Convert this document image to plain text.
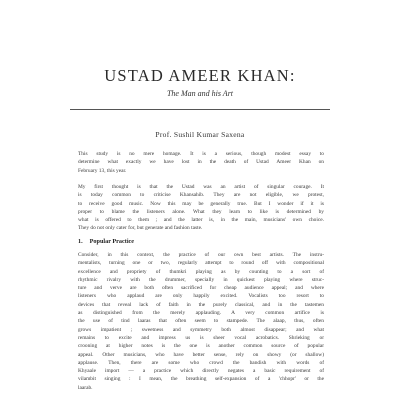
USTAD AMEER KHAN:
The Man and his Art
Prof. Sushil Kumar Saxena

This study is no mere homage. It is a serious, though modest essay to
determine what exactly we have lost in the death of Ustad Ameer Khan on
February 13, this year.

My first thought is that the Ustad was an artist of singular courage. It
is today common to criticise Khansahib. They are not eligible, we protest,
to receive good music. Now this may be generally true. But I wonder if it is
proper to blame the listeners alone. What they learn to like is determined by
what is offered to them ; and the latter is, in the main, musicians' own choice.
They do not only cater for, but generate and fashion taste.

1. Popular Practice

Consider, in this context, the practice of our own best artists. The instru-
mentalists, turning one or two, regularly attempt to round off with compositional
excellence and propriety of thumkri playing as by counting to a sort of
rhythmic rivalry with the drummer, specially in quickest playing where struc-
ture and verve are both often sacrificed for cheap audience appeal; and where
listeners who applaud are only happily excited. Vocalists too resort to
devices that reveal lack of faith in the purely classical, and in the tastemen
as distinguished from the merely applauding. A very common artifice is
the use of tind laaras that often seem to stampede. The alaap, thus, often
grows impatient ; sweetness and symmetry both almost disappear; and what
remains to excite and impress us is sheer vocal acrobatics. Shrieking or
crooning at higher notes is the one is another common source of popular
appeal. Other musicians, who have better sense, rely on showy (or shallow)
applause. Then, there are some who crowd the bandish with words of
Khyaale import — a practice which directly negates a basic requirement of
vilambit singing : I mean, the breathing self-expansion of a 'chhopr' or the
laarab.
